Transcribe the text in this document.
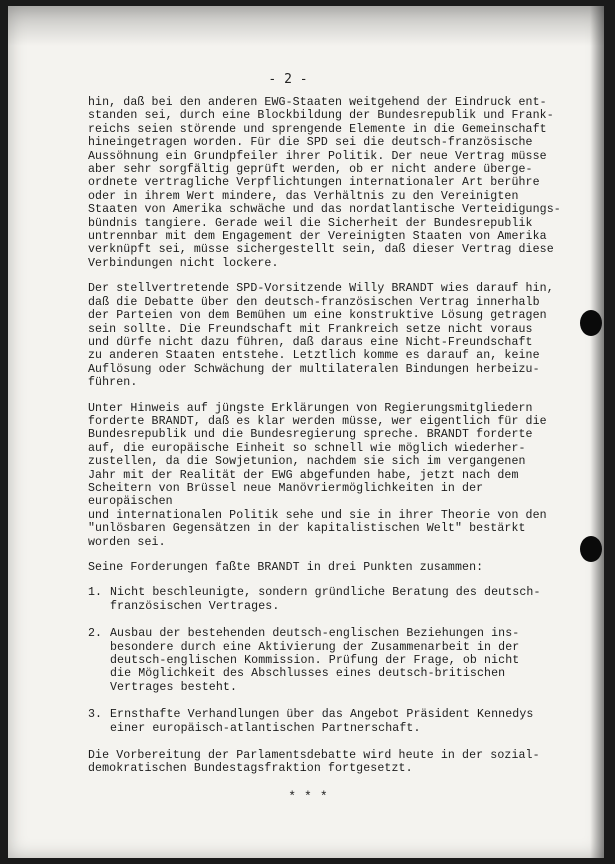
- 2 -

hin, daß bei den anderen EWG-Staaten weitgehend der Eindruck ent-
standen sei, durch eine Blockbildung der Bundesrepublik und Frank-
reichs seien störende und sprengende Elemente in die Gemeinschaft
hineingetragen worden. Für die SPD sei die deutsch-französische
Aussöhnung ein Grundpfeiler ihrer Politik. Der neue Vertrag müsse
aber sehr sorgfältig geprüft werden, ob er nicht andere überge-
ordnete vertragliche Verpflichtungen internationaler Art berühre
oder in ihrem Wert mindere, das Verhältnis zu den Vereinigten
Staaten von Amerika schwäche und das nordatlantische Verteidigungs-
bündnis tangiere. Gerade weil die Sicherheit der Bundesrepublik
untrennbar mit dem Engagement der Vereinigten Staaten von Amerika
verknüpft sei, müsse sichergestellt sein, daß dieser Vertrag diese
Verbindungen nicht lockere.

Der stellvertretende SPD-Vorsitzende Willy BRANDT wies darauf hin,
daß die Debatte über den deutsch-französischen Vertrag innerhalb
der Parteien von dem Bemühen um eine konstruktive Lösung getragen
sein sollte. Die Freundschaft mit Frankreich setze nicht voraus
und dürfe nicht dazu führen, daß daraus eine Nicht-Freundschaft
zu anderen Staaten entstehe. Letztlich komme es darauf an, keine
Auflösung oder Schwächung der multilateralen Bindungen herbeizu-
führen.

Unter Hinweis auf jüngste Erklärungen von Regierungsmitgliedern
forderte BRANDT, daß es klar werden müsse, wer eigentlich für die
Bundesrepublik und die Bundesregierung spreche. BRANDT forderte
auf, die europäische Einheit so schnell wie möglich wiederher-
zustellen, da die Sowjetunion, nachdem sie sich im vergangenen
Jahr mit der Realität der EWG abgefunden habe, jetzt nach dem
Scheitern von Brüssel neue Manövriermöglichkeiten in der europäischen
und internationalen Politik sehe und sie in ihrer Theorie von den
"unlösbaren Gegensätzen in der kapitalistischen Welt" bestärkt
worden sei.

Seine Forderungen faßte BRANDT in drei Punkten zusammen:

1. Nicht beschleunigte, sondern gründliche Beratung des deutsch-
französischen Vertrages.
2. Ausbau der bestehenden deutsch-englischen Beziehungen ins-
besondere durch eine Aktivierung der Zusammenarbeit in der
deutsch-englischen Kommission. Prüfung der Frage, ob nicht
die Möglichkeit des Abschlusses eines deutsch-britischen
Vertrages besteht.
3. Ernsthafte Verhandlungen über das Angebot Präsident Kennedys
einer europäisch-atlantischen Partnerschaft.

Die Vorbereitung der Parlamentsdebatte wird heute in der sozial-
demokratischen Bundestagsfraktion fortgesetzt.

* * *
